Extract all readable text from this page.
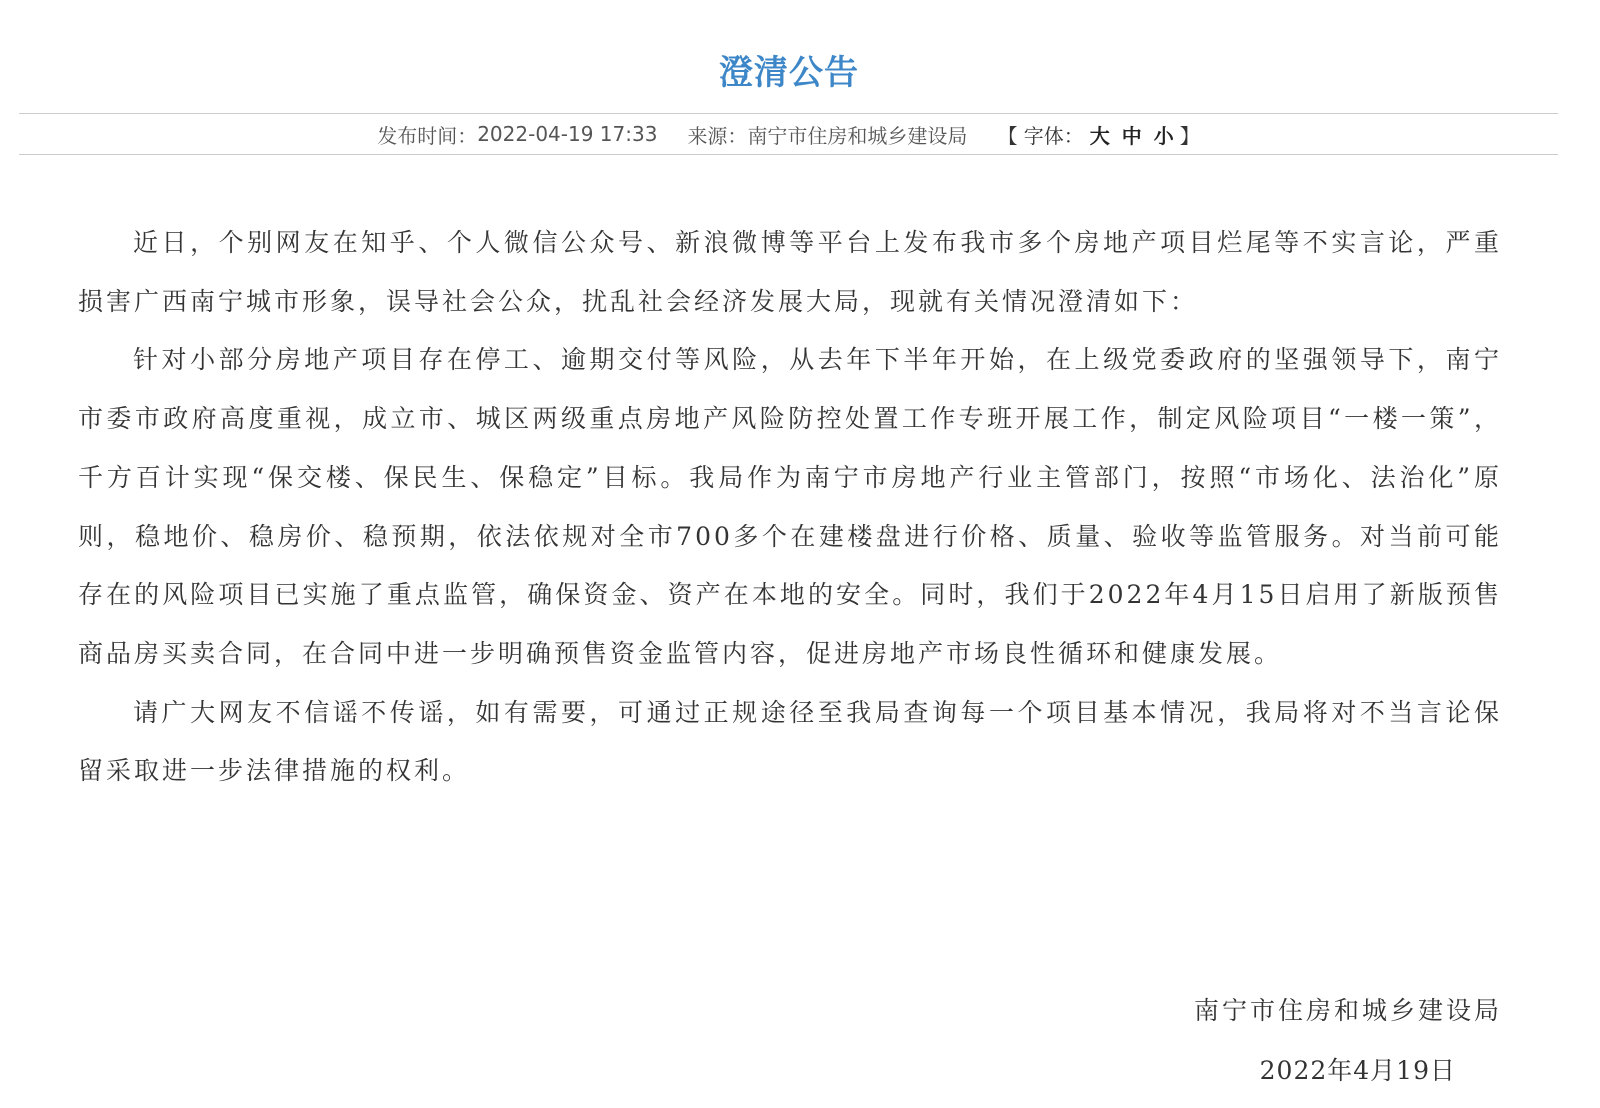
澄清公告
发布时间： 2022-04-19 17:33 来源： 南宁市住房和城乡建设局 【 字体： 大 中 小 】

近日，个别网友在知乎、个人微信公众号、新浪微博等平台上发布我市多个房地产项目烂尾等不实言论，严重损害广西南宁城市形象，误导社会公众，扰乱社会经济发展大局，现就有关情况澄清如下：

针对小部分房地产项目存在停工、逾期交付等风险，从去年下半年开始，在上级党委政府的坚强领导下，南宁市委市政府高度重视，成立市、城区两级重点房地产风险防控处置工作专班开展工作，制定风险项目“一楼一策”，千方百计实现“保交楼、保民生、保稳定”目标。我局作为南宁市房地产行业主管部门，按照“市场化、法治化”原则，稳地价、稳房价、稳预期，依法依规对全市700多个在建楼盘进行价格、质量、验收等监管服务。对当前可能存在的风险项目已实施了重点监管，确保资金、资产在本地的安全。同时，我们于2022年4月15日启用了新版预售商品房买卖合同，在合同中进一步明确预售资金监管内容，促进房地产市场良性循环和健康发展。

请广大网友不信谣不传谣，如有需要，可通过正规途径至我局查询每一个项目基本情况，我局将对不当言论保留采取进一步法律措施的权利。

南宁市住房和城乡建设局
2022年4月19日
